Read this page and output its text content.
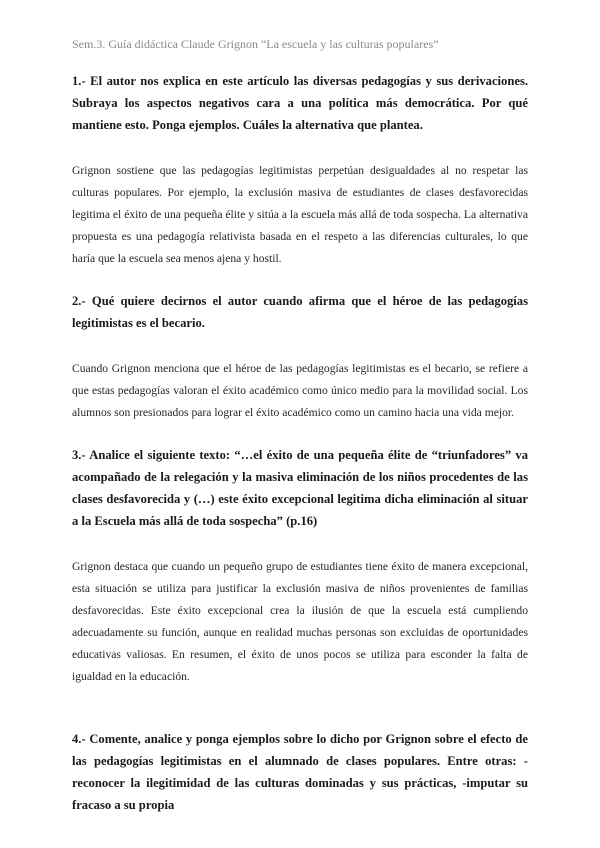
Sem.3. Guía didáctica Claude Grignon “La escuela y las culturas populares”
1.- El autor nos explica en este artículo las diversas pedagogías y sus derivaciones. Subraya los aspectos negativos cara a una política más democrática. Por qué mantiene esto. Ponga ejemplos. Cuáles la alternativa que plantea.
Grignon sostiene que las pedagogías legitimistas perpetúan desigualdades al no respetar las culturas populares. Por ejemplo, la exclusión masiva de estudiantes de clases desfavorecidas legitima el éxito de una pequeña élite y sitúa a la escuela más allá de toda sospecha. La alternativa propuesta es una pedagogía relativista basada en el respeto a las diferencias culturales, lo que haría que la escuela sea menos ajena y hostil.
2.- Qué quiere decirnos el autor cuando afirma que el héroe de las pedagogías legitimistas es el becario.
Cuando Grignon menciona que el héroe de las pedagogías legitimistas es el becario, se refiere a que estas pedagogías valoran el éxito académico como único medio para la movilidad social. Los alumnos son presionados para lograr el éxito académico como un camino hacia una vida mejor.
3.- Analice el siguiente texto: “…el éxito de una pequeña élite de “triunfadores” va acompañado de la relegación y la masiva eliminación de los niños procedentes de las clases desfavorecida y (…) este éxito excepcional legitima dicha eliminación al situar a la Escuela más allá de toda sospecha” (p.16)
Grignon destaca que cuando un pequeño grupo de estudiantes tiene éxito de manera excepcional, esta situación se utiliza para justificar la exclusión masiva de niños provenientes de familias desfavorecidas. Este éxito excepcional crea la ilusión de que la escuela está cumpliendo adecuadamente su función, aunque en realidad muchas personas son excluidas de oportunidades educativas valiosas. En resumen, el éxito de unos pocos se utiliza para esconder la falta de igualdad en la educación.
4.- Comente, analice y ponga ejemplos sobre lo dicho por Grignon sobre el efecto de las pedagogías legitimistas en el alumnado de clases populares. Entre otras: -reconocer la ilegitimidad de las culturas dominadas y sus prácticas, -imputar su fracaso a su propia
